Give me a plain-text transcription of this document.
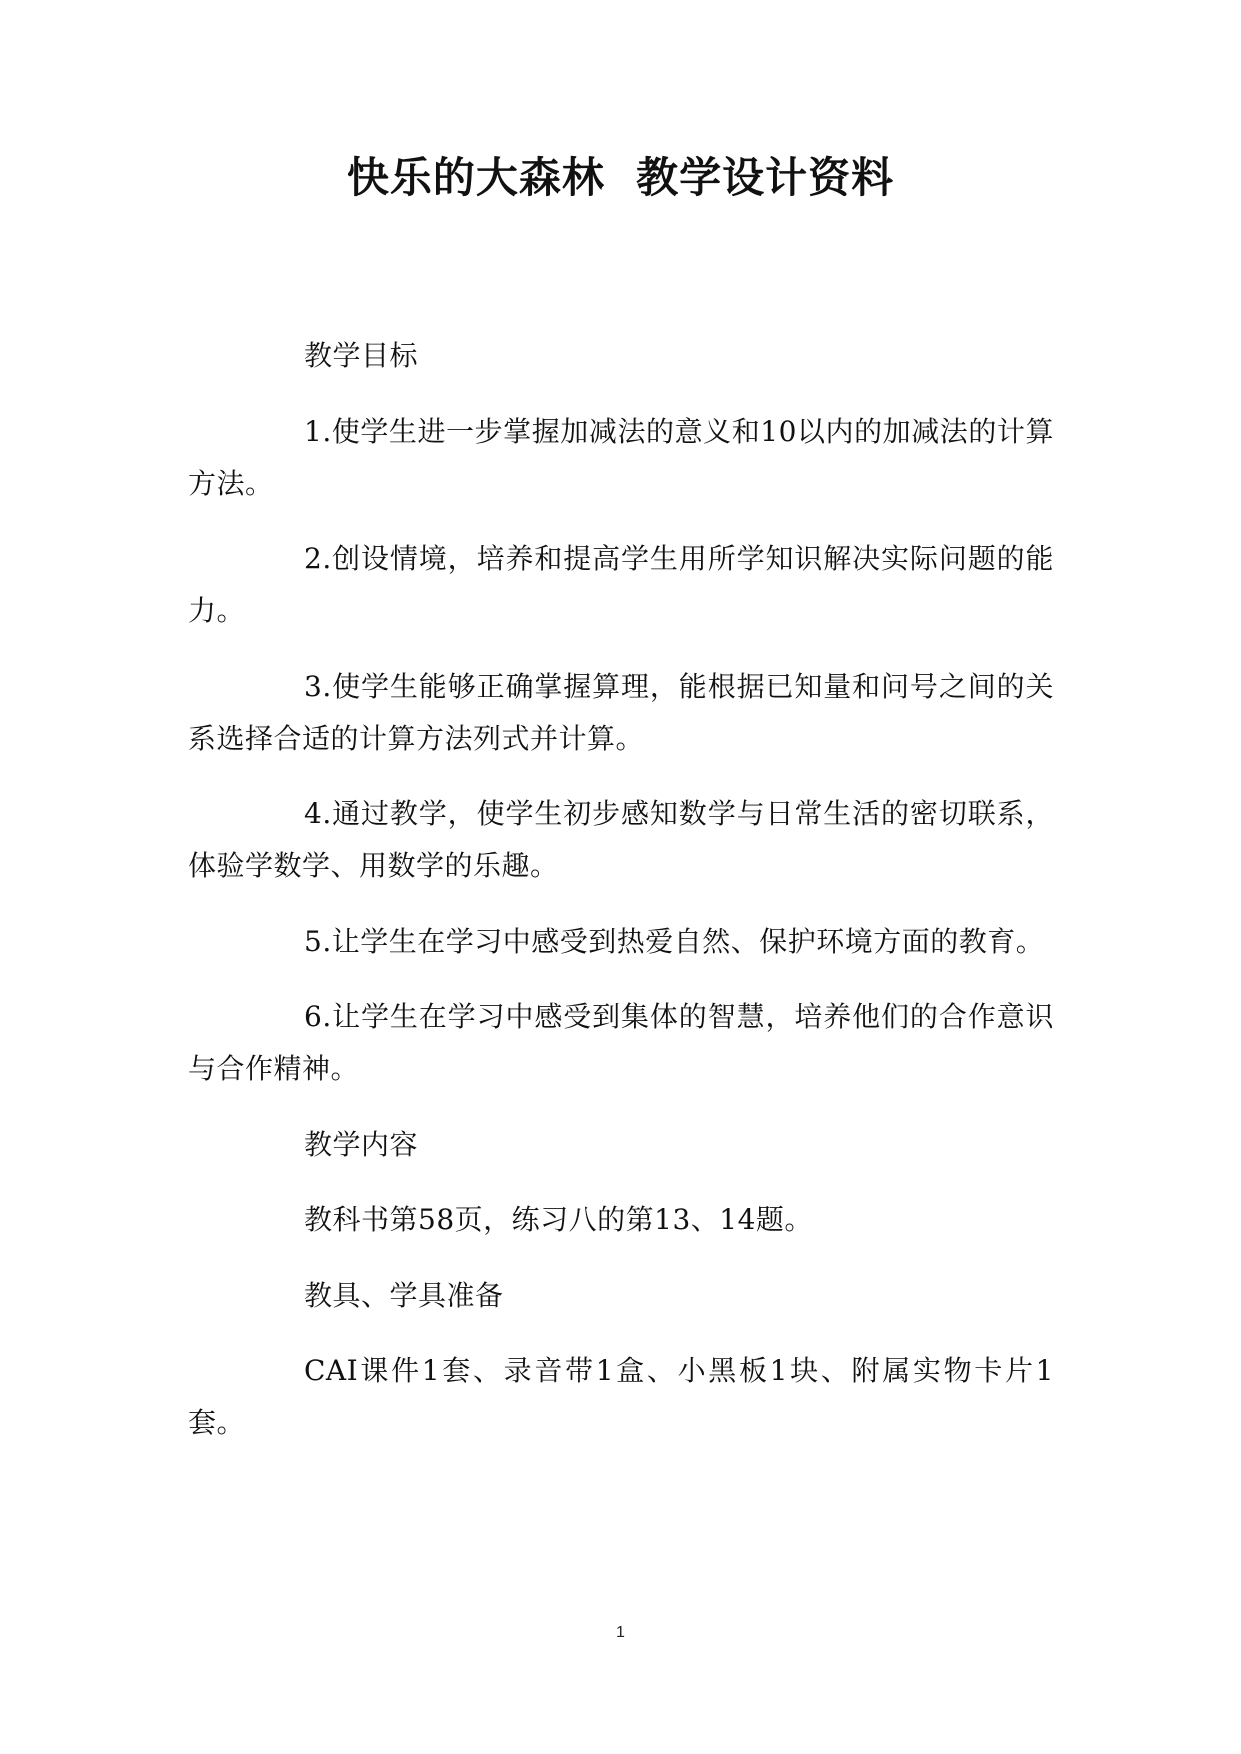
快乐的大森林  教学设计资料

教学目标

1.使学生进一步掌握加减法的意义和10以内的加减法的计算方法。

2.创设情境，培养和提高学生用所学知识解决实际问题的能力。

3.使学生能够正确掌握算理，能根据已知量和问号之间的关系选择合适的计算方法列式并计算。

4.通过教学，使学生初步感知数学与日常生活的密切联系，体验学数学、用数学的乐趣。

5.让学生在学习中感受到热爱自然、保护环境方面的教育。

6.让学生在学习中感受到集体的智慧，培养他们的合作意识与合作精神。

教学内容

教科书第58页，练习八的第13、14题。

教具、学具准备

CAI课件1套、录音带1盒、小黑板1块、附属实物卡片1套。

1
